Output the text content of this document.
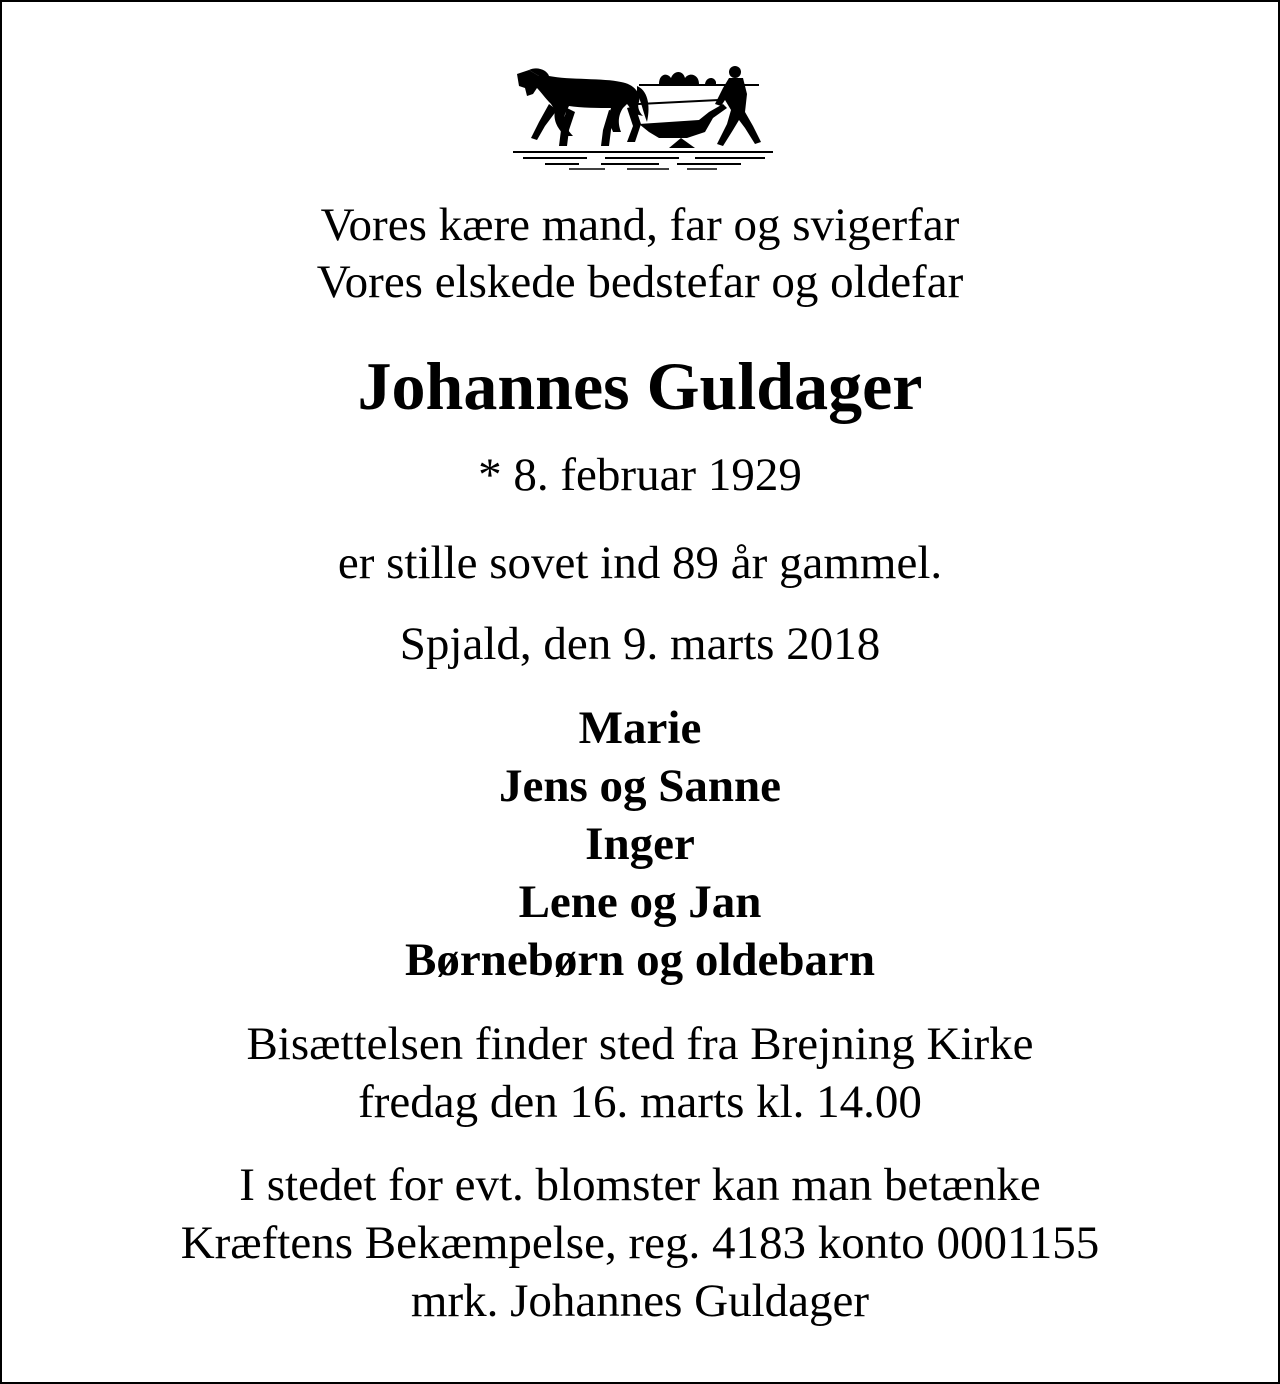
Vores kære mand, far og svigerfar
Vores elskede bedstefar og oldefar
Johannes Guldager
* 8. februar 1929
er stille sovet ind 89 år gammel.
Spjald, den 9. marts 2018
Marie
Jens og Sanne
Inger
Lene og Jan
Børnebørn og oldebarn
Bisættelsen finder sted fra Brejning Kirke
fredag den 16. marts kl. 14.00
I stedet for evt. blomster kan man betænke
Kræftens Bekæmpelse, reg. 4183 konto 0001155
mrk. Johannes Guldager
